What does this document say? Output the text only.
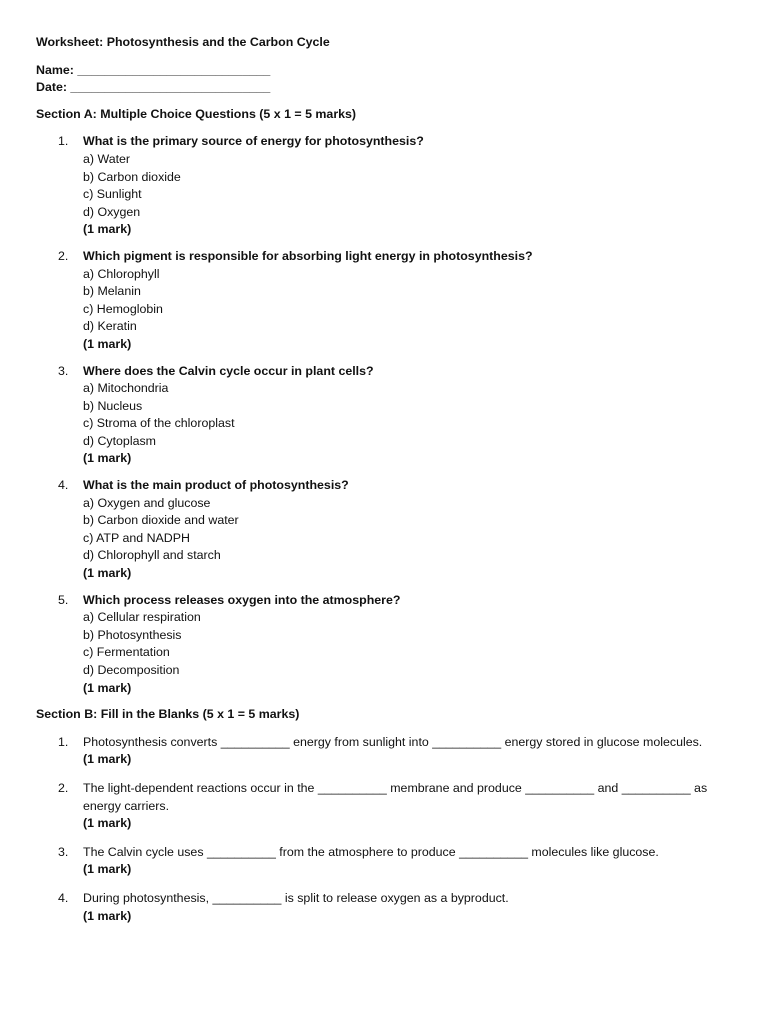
Worksheet: Photosynthesis and the Carbon Cycle
Name: ____________________________
Date: _____________________________
Section A: Multiple Choice Questions (5 x 1 = 5 marks)
1. What is the primary source of energy for photosynthesis?
a) Water
b) Carbon dioxide
c) Sunlight
d) Oxygen
(1 mark)
2. Which pigment is responsible for absorbing light energy in photosynthesis?
a) Chlorophyll
b) Melanin
c) Hemoglobin
d) Keratin
(1 mark)
3. Where does the Calvin cycle occur in plant cells?
a) Mitochondria
b) Nucleus
c) Stroma of the chloroplast
d) Cytoplasm
(1 mark)
4. What is the main product of photosynthesis?
a) Oxygen and glucose
b) Carbon dioxide and water
c) ATP and NADPH
d) Chlorophyll and starch
(1 mark)
5. Which process releases oxygen into the atmosphere?
a) Cellular respiration
b) Photosynthesis
c) Fermentation
d) Decomposition
(1 mark)
Section B: Fill in the Blanks (5 x 1 = 5 marks)
1. Photosynthesis converts __________ energy from sunlight into __________ energy stored in glucose molecules.
(1 mark)
2. The light-dependent reactions occur in the __________ membrane and produce __________ and __________ as energy carriers.
(1 mark)
3. The Calvin cycle uses __________ from the atmosphere to produce __________ molecules like glucose.
(1 mark)
4. During photosynthesis, __________ is split to release oxygen as a byproduct.
(1 mark)
